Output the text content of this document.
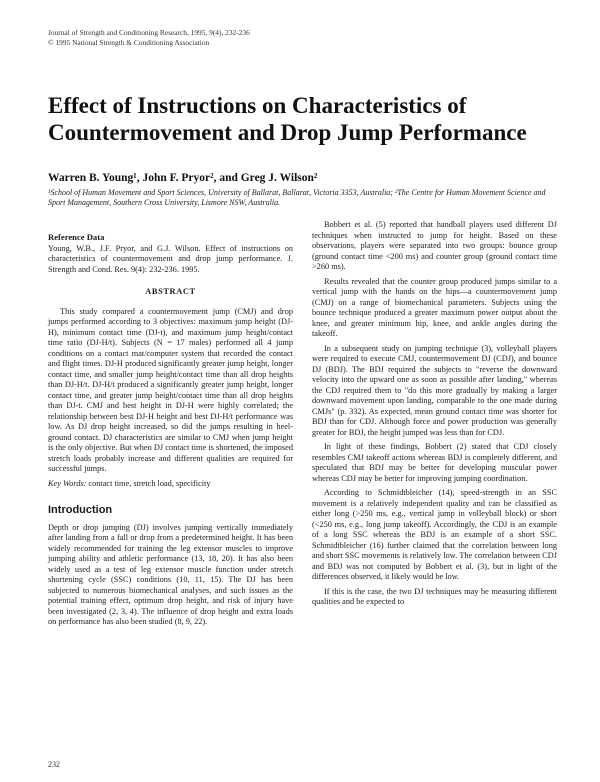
Journal of Strength and Conditioning Research, 1995, 9(4), 232-236
© 1995 National Strength & Conditioning Association
Effect of Instructions on Characteristics of Countermovement and Drop Jump Performance
Warren B. Young¹, John F. Pryor², and Greg J. Wilson²
¹School of Human Movement and Sport Sciences, University of Ballarat, Ballarat, Victoria 3353, Australia; ²The Centre for Human Movement Science and Sport Management, Southern Cross University, Lismore NSW, Australia.
Reference Data
Young, W.B., J.F. Pryor, and G.J. Wilson. Effect of instructions on characteristics of countermovement and drop jump performance. J. Strength and Cond. Res. 9(4): 232-236. 1995.
ABSTRACT

This study compared a countermovement jump (CMJ) and drop jumps performed according to 3 objectives: maximum jump height (DJ-H), minimum contact time (DJ-t), and maximum jump height/contact time ratio (DJ-H/t). Subjects (N = 17 males) performed all 4 jump conditions on a contact mat/computer system that recorded the contact and flight times. DJ-H produced significantly greater jump height, longer contact time, and smaller jump height/contact time than all drop heights than DJ-H/t. DJ-H/t produced a significantly greater jump height, longer contact time, and greater jump height/contact time than all drop heights than DJ-t. CMJ and best height in DJ-H were highly correlated; the relationship between best DJ-H height and best DJ-H/t performance was low. As DJ drop height increased, so did the jumps resulting in heel-ground contact. DJ characteristics are similar to CMJ when jump height is the only objective. But when DJ contact time is shortened, the imposed stretch loads probably increase and different qualities are required for successful jumps.

Key Words: contact time, stretch load, specificity
Introduction

Depth or drop jumping (DJ) involves jumping vertically immediately after landing from a fall or drop from a predetermined height. It has been widely recommended for training the leg extensor muscles to improve jumping ability and athletic performance (13, 18, 20). It has also been widely used as a test of leg extensor muscle function under stretch shortening cycle (SSC) conditions (10, 11, 15). The DJ has been subjected to numerous biomechanical analyses, and such issues as the potential training effect, optimum drop height, and risk of injury have been investigated (2, 3, 4). The influence of drop height and extra loads on performance has also been studied (8, 9, 22).

Bobbert et al. (5) reported that handball players used different DJ techniques when instructed to jump for height. Based on these observations, players were separated into two groups: bounce group (ground contact time <200 ms) and counter group (ground contact time >260 ms).

Results revealed that the counter group produced jumps similar to a vertical jump with the hands on the hips—a countermovement jump (CMJ) on a range of biomechanical parameters. Subjects using the bounce technique produced a greater maximum power output about the knee, and greater minimum hip, knee, and ankle angles during the takeoff.

In a subsequent study on jumping technique (3), volleyball players were required to execute CMJ, countermovement DJ (CDJ), and bounce DJ (BDJ). The BDJ required the subjects to "reverse the downward velocity into the upward one as soon as possible after landing," whereas the CDJ required them to "do this more gradually by making a larger downward movement upon landing, comparable to the one made during CMJs" (p. 332). As expected, mean ground contact time was shorter for BDJ than for CDJ. Although force and power production was generally greater for BDJ, the height jumped was less than for CDJ.

In light of these findings, Bobbert (2) stated that CDJ closely resembles CMJ takeoff actions whereas BDJ is completely different, and speculated that BDJ may be better for developing muscular power whereas CDJ may be better for improving jumping coordination.

According to Schmidtbleicher (14), speed-strength in an SSC movement is a relatively independent quality and can be classified as either long (>250 ms, e.g., vertical jump in volleyball block) or short (<250 ms, e.g., long jump takeoff). Accordingly, the CDJ is an example of a long SSC whereas the BDJ is an example of a short SSC. Schmidtbleicher (16) further claimed that the correlation between long and short SSC movements is relatively low. The correlation between CDJ and BDJ was not computed by Bobbert et al. (3), but in light of the differences observed, it likely would be low.

If this is the case, the two DJ techniques may be measuring different qualities and be expected to

232
